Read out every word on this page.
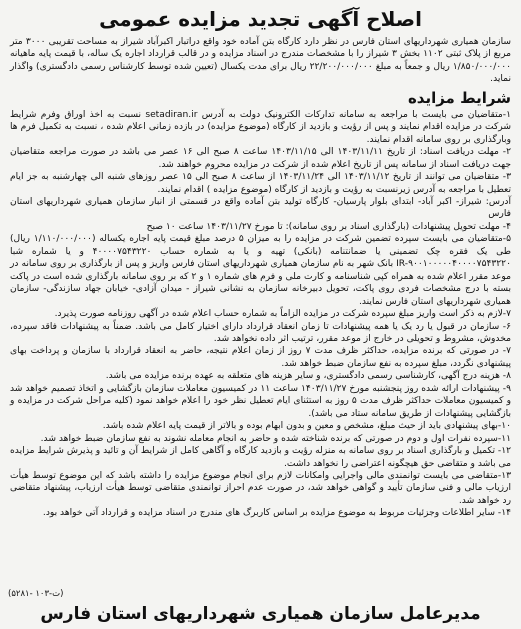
اصلاح آگهی تجدید مزایده عمومی

سازمان همیاری شهرداریهای استان فارس در نظر دارد کارگاه بتن آماده خود واقع دراتبار اکبرآباد شیراز به مساحت تقریبی ۳۰۰۰ متر مربع از پلاک ثبتی ۱۱۰۲ بخش ۳ شیراز را با مشخصات مندرج در اسناد مزایده و در قالب قرارداد اجاره یک ساله، با قیمت پایه ماهیانه ۱/۸۵۰/۰۰۰/۰۰۰ ریال و جمعاً به مبلغ ۲۲/۲۰۰/۰۰۰/۰۰۰ ریال برای مدت یکسال (تعیین شده توسط کارشناس رسمی دادگستری) واگذار نماید.

شرایط مزایده

۱-متقاضیان می بایست با مراجعه به سامانه تدارکات الکترونیک دولت به آدرس setadiran.ir نسبت به اخذ اوراق وفرم شرایط شرکت در مزایده اقدام نمایند و پس از رؤیت و بازدید از کارگاه (موضوع مزایده) در بازده زمانی اعلام شده ، نسبت به تکمیل فرم ها وبارگذاری بر روی سامانه اقدام نمایند.

۲- مهلت دریافت اسناد: از تاریخ ۱۴۰۳/۱۱/۱۱ الی ۱۴۰۳/۱۱/۱۵ ساعت ۸ صبح الی ۱۶ عصر می باشد در صورت مراجعه متقاضیان جهت دریافت اسناد از سامانه پس از تاریخ اعلام شده از شرکت در مزایده محروم خواهند شد.

۳- متقاضیان می توانند از تاریخ ۱۴۰۳/۱۱/۱۲ الی ۱۴۰۳/۱۱/۲۴ از ساعت ۸ صبح الی ۱۵ عصر روزهای شنبه الی چهارشنبه به جز ایام تعطیل با مراجعه به آدرس زیرنسبت به رؤیت و بازدید از کارگاه (موضوع مزایده ) اقدام نمایند.

آدرس: شیراز- اکبر آباد- ابتدای بلوار پارسیان- کارگاه تولید بتن آماده واقع در قسمتی از انبار سازمان همیاری شهرداریهای استان فارس

۴- مهلت تحویل پیشنهادات (بارگذاری اسناد بر روی سامانه): تا مورخ ۱۴۰۳/۱۱/۲۷ ساعت ۱۰ صبح

۵-متقاضیان می بایست سپرده تضمین شرکت در مزایده را به میزان ۵ درصد مبلغ قیمت پایه اجاره یکساله (۱/۱۱۰/۰۰۰/۰۰۰ ریال) طی یک فقره چک تضمینی یا ضمانتنامه (بانکی) تهیه و یا به شماره حساب ۴۰۰۰۰۷۵۴۳۲۲۰ و یا شماره شبا IR-۹۰۰۱۰۰۰۰۰۴۰۰۰۰۷۵۴۳۲۲۰ بانک شهر به نام سازمان همیاری شهرداریهای استان فارس واریز و پس از بارگذاری بر روی سامانه در موعد مقرر اعلام شده به همراه کپی شناسنامه و کارت ملی و فرم های شماره ۱ و ۲ که بر روی سامانه بارگذاری شده است در پاکت بسته با درج مشخصات فردی روی پاکت، تحویل دبیرخانه سازمان به نشانی شیراز - میدان آزادی- خیابان جهاد سازندگی- سازمان همیاری شهرداریهای استان فارس نمایند.

۷-لازم به ذکر است واریز مبلغ سپرده شرکت در مزایده الزاماً به شماره حساب اعلام شده در آگهی روزنامه صورت پذیرد.

۶- سازمان در قبول یا رد یک یا همه پیشنهادات تا زمان انعقاد قرارداد دارای اختیار کامل می باشد. ضمناً به پیشنهادات فاقد سپرده، مخدوش، مشروط و تحویلی در خارج از موعد مقرر، ترتیب اثر داده نخواهد شد.

۷- در صورتی که برنده مزایده، حداکثر ظرف مدت ۷ روز از زمان اعلام نتیجه، حاضر به انعقاد قرارداد با سازمان و پرداخت بهای پیشنهادی نگردد، مبلغ سپرده به نفع سازمان ضبط خواهد شد.

۸- هزینه درج آگهی، کارشناسی رسمی دادگستری، و سایر هزینه های متعلقه به عهده برنده مزایده می باشد.

۹- پیشنهادات ارائه شده روز پنجشنبه مورخ ۱۴۰۳/۱۱/۲۷ ساعت ۱۱ در کمیسیون معاملات سازمان بازگشایی و اتخاذ تصمیم خواهد شد و کمیسیون معاملات حداکثر ظرف مدت ۵ روز به استثنای ایام تعطیل نظر خود را اعلام خواهد نمود (کلیه مراحل شرکت در مزایده و بازگشایی پیشنهادات از طریق سامانه ستاد می باشد).

۱۰-بهای پیشنهادی باید از حیث مبلغ، مشخص و معین و بدون ابهام بوده و بالاتر از قیمت پایه اعلام شده باشد.

۱۱-سپرده نفرات اول و دوم در صورتی که برنده شناخته شده و حاضر به انجام معامله نشوند به نفع سازمان ضبط خواهد شد.

۱۲- تکمیل و بارگذاری اسناد بر روی سامانه به منزله رؤیت و بازدید کارگاه و آگاهی کامل از شرایط آن و تائید و پذیرش شرایط مزایده می باشد و متقاضی حق هیچگونه اعتراضی را نخواهد داشت.

۱۳-متقاضی می بایست توانمندی مالی واجرایی وامکانات لازم برای انجام موضوع مزایده را داشته باشد که این موضوع توسط هیأت ارزیاب مالی و فنی سازمان تأیید و گواهی خواهد شد، در صورت عدم احراز توانمندی متقاضی توسط هیأت ارزیاب، پیشنهاد متقاضی رد خواهد شد.

۱۴- سایر اطلاعات وجزئیات مربوط به موضوع مزایده بر اساس کاربرگ های مندرج در اسناد مزایده و قرارداد آتی خواهد بود.

(۵۲۸۱- ۱۰۳-ت)
مدیرعامل سازمان همیاری شهرداریهای استان فارس
